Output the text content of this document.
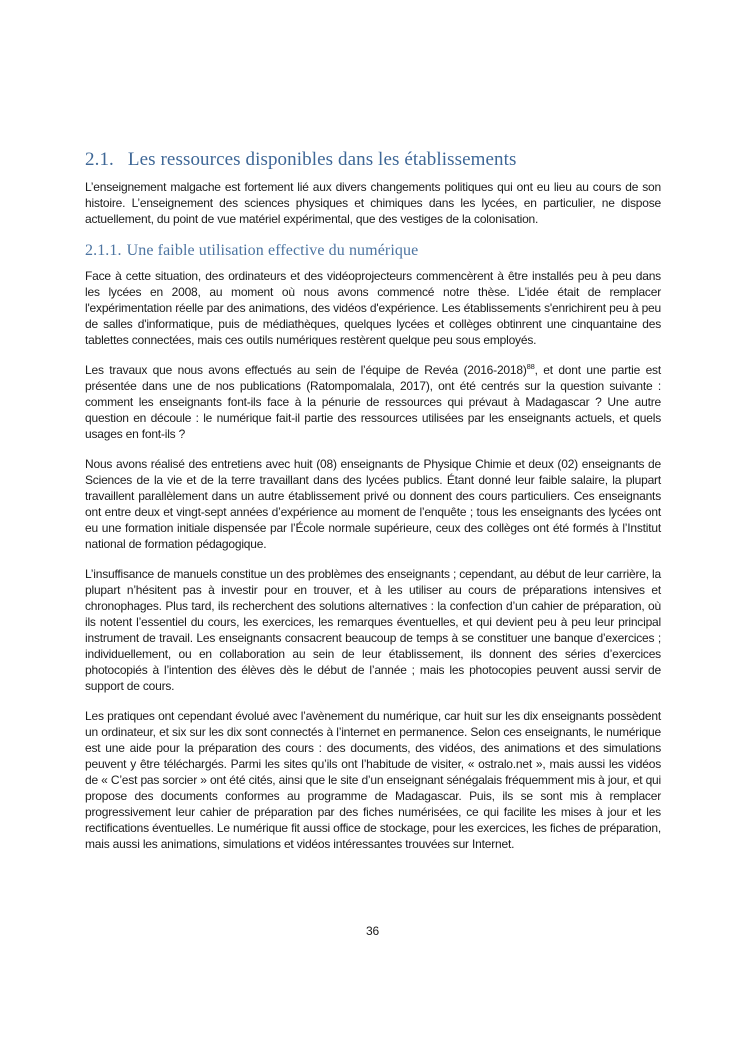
2.1. Les ressources disponibles dans les établissements

L’enseignement malgache est fortement lié aux divers changements politiques qui ont eu lieu au cours de son histoire. L’enseignement des sciences physiques et chimiques dans les lycées, en particulier, ne dispose actuellement, du point de vue matériel expérimental, que des vestiges de la colonisation.

2.1.1. Une faible utilisation effective du numérique

Face à cette situation, des ordinateurs et des vidéoprojecteurs commencèrent à être installés peu à peu dans les lycées en 2008, au moment où nous avons commencé notre thèse. L'idée était de remplacer l'expérimentation réelle par des animations, des vidéos d'expérience. Les établissements s'enrichirent peu à peu de salles d'informatique, puis de médiathèques, quelques lycées et collèges obtinrent une cinquantaine des tablettes connectées, mais ces outils numériques restèrent quelque peu sous employés.

Les travaux que nous avons effectués au sein de l’équipe de Revéa (2016-2018)$^{88}$, et dont une partie est présentée dans une de nos publications (Ratompomalala, 2017), ont été centrés sur la question suivante : comment les enseignants font-ils face à la pénurie de ressources qui prévaut à Madagascar ? Une autre question en découle : le numérique fait-il partie des ressources utilisées par les enseignants actuels, et quels usages en font-ils ?

Nous avons réalisé des entretiens avec huit (08) enseignants de Physique Chimie et deux (02) enseignants de Sciences de la vie et de la terre travaillant dans des lycées publics. Étant donné leur faible salaire, la plupart travaillent parallèlement dans un autre établissement privé ou donnent des cours particuliers. Ces enseignants ont entre deux et vingt-sept années d’expérience au moment de l’enquête ; tous les enseignants des lycées ont eu une formation initiale dispensée par l’École normale supérieure, ceux des collèges ont été formés à l’Institut national de formation pédagogique.

L’insuffisance de manuels constitue un des problèmes des enseignants ; cependant, au début de leur carrière, la plupart n’hésitent pas à investir pour en trouver, et à les utiliser au cours de préparations intensives et chronophages. Plus tard, ils recherchent des solutions alternatives : la confection d’un cahier de préparation, où ils notent l’essentiel du cours, les exercices, les remarques éventuelles, et qui devient peu à peu leur principal instrument de travail. Les enseignants consacrent beaucoup de temps à se constituer une banque d’exercices ; individuellement, ou en collaboration au sein de leur établissement, ils donnent des séries d’exercices photocopiés à l’intention des élèves dès le début de l’année ; mais les photocopies peuvent aussi servir de support de cours.

Les pratiques ont cependant évolué avec l’avènement du numérique, car huit sur les dix enseignants possèdent un ordinateur, et six sur les dix sont connectés à l’internet en permanence. Selon ces enseignants, le numérique est une aide pour la préparation des cours : des documents, des vidéos, des animations et des simulations peuvent y être téléchargés. Parmi les sites qu’ils ont l’habitude de visiter, « ostralo.net », mais aussi les vidéos de « C’est pas sorcier » ont été cités, ainsi que le site d’un enseignant sénégalais fréquemment mis à jour, et qui propose des documents conformes au programme de Madagascar. Puis, ils se sont mis à remplacer progressivement leur cahier de préparation par des fiches numérisées, ce qui facilite les mises à jour et les rectifications éventuelles. Le numérique fit aussi office de stockage, pour les exercices, les fiches de préparation, mais aussi les animations, simulations et vidéos intéressantes trouvées sur Internet.

36
